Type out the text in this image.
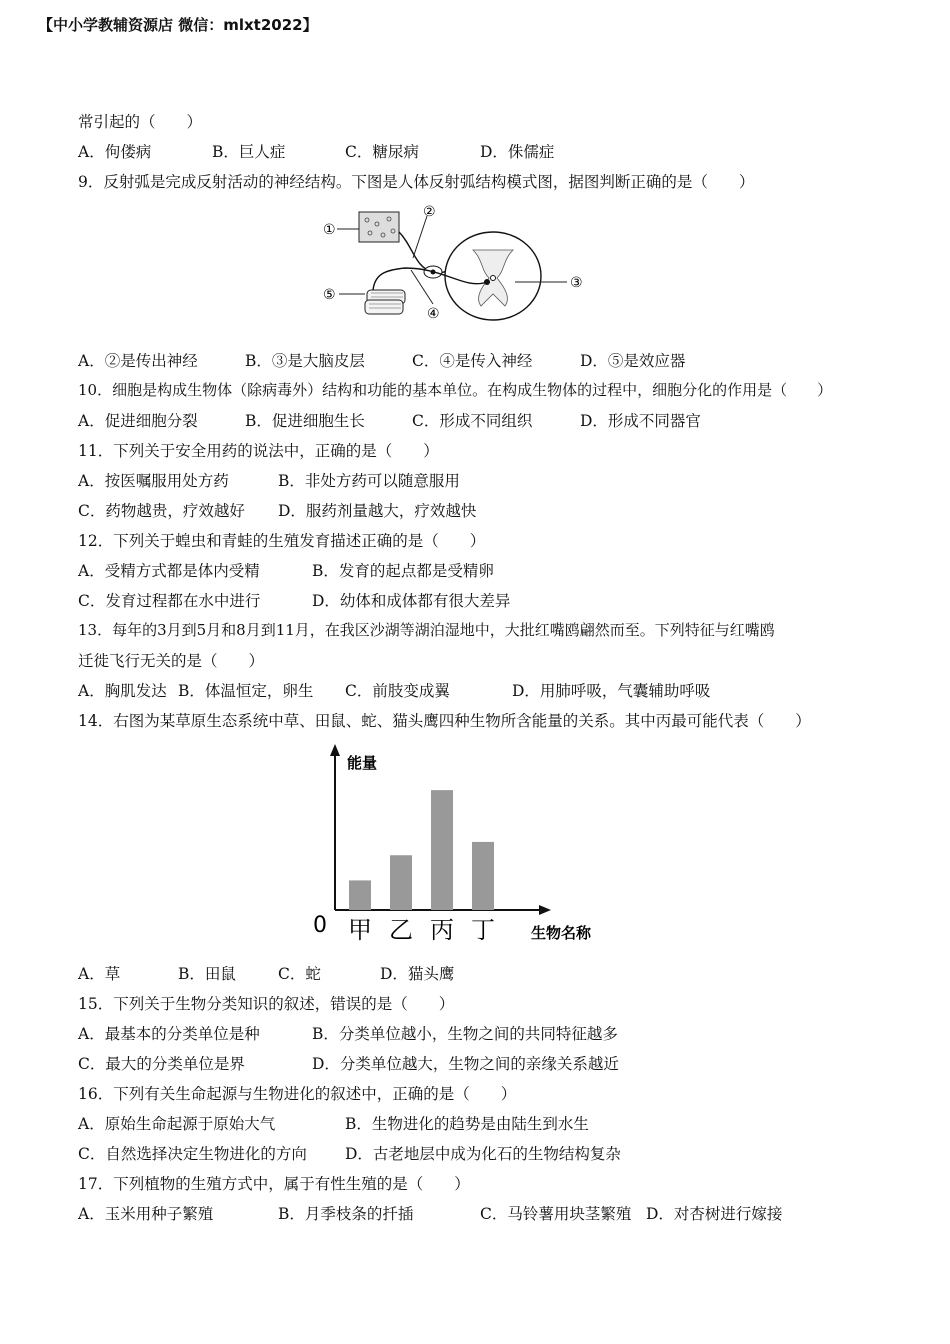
【中小学教辅资源店 微信：mlxt2022】
常引起的（　　）
A．佝偻病	B．巨人症	C．糖尿病	D．侏儒症
9．反射弧是完成反射活动的神经结构。下图是人体反射弧结构模式图，据图判断正确的是（　　）
①
②
③
④
⑤
A．②是传出神经	B．③是大脑皮层	C．④是传入神经	D．⑤是效应器
10．细胞是构成生物体（除病毒外）结构和功能的基本单位。在构成生物体的过程中，细胞分化的作用是（　　）
A．促进细胞分裂	B．促进细胞生长	C．形成不同组织	D．形成不同器官
11．下列关于安全用药的说法中，正确的是（　　）
A．按医嘱服用处方药	B．非处方药可以随意服用
C．药物越贵，疗效越好 D．服药剂量越大，疗效越快
12．下列关于蝗虫和青蛙的生殖发育描述正确的是（　　）
A．受精方式都是体内受精	B．发育的起点都是受精卵
C．发育过程都在水中进行	D．幼体和成体都有很大差异
13．每年的3月到5月和8月到11月，在我区沙湖等湖泊湿地中，大批红嘴鸥翩然而至。下列特征与红嘴鸥
迁徙飞行无关的是（　　）
A．胸肌发达 B．体温恒定，卵生 C．前肢变成翼	D．用肺呼吸，气囊辅助呼吸
14．右图为某草原生态系统中草、田鼠、蛇、猫头鹰四种生物所含能量的关系。其中丙最可能代表（　　）
能量
0	生物名称
甲 乙 丙 丁
A．草	B．田鼠	C．蛇	D．猫头鹰
15．下列关于生物分类知识的叙述，错误的是（　　）
A．最基本的分类单位是种	B．分类单位越小，生物之间的共同特征越多
C．最大的分类单位是界	D．分类单位越大，生物之间的亲缘关系越近
16．下列有关生命起源与生物进化的叙述中，正确的是（　　）
A．原始生命起源于原始大气	B．生物进化的趋势是由陆生到水生
C．自然选择决定生物进化的方向 D．古老地层中成为化石的生物结构复杂
17．下列植物的生殖方式中，属于有性生殖的是（　　）
A．玉米用种子繁殖	B．月季枝条的扦插	C．马铃薯用块茎繁殖 D．对杏树进行嫁接
